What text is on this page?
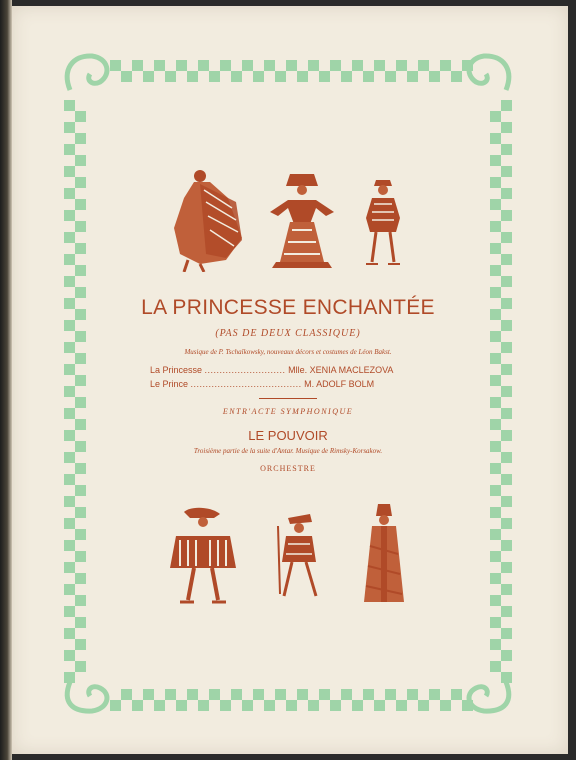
LA PRINCESSE ENCHANTÉE
(PAS DE DEUX CLASSIQUE)
Musique de P. Tschaïkowsky, nouveaux décors et costumes de Léon Bakst.
La Princesse ........................... Mlle. XENIA MACLEZOVA
Le Prince ..................................... M. ADOLF BOLM
ENTR'ACTE SYMPHONIQUE
LE POUVOIR
Troisième partie de la suite d'Antar. Musique de Rimsky-Korsakow.
ORCHESTRE
